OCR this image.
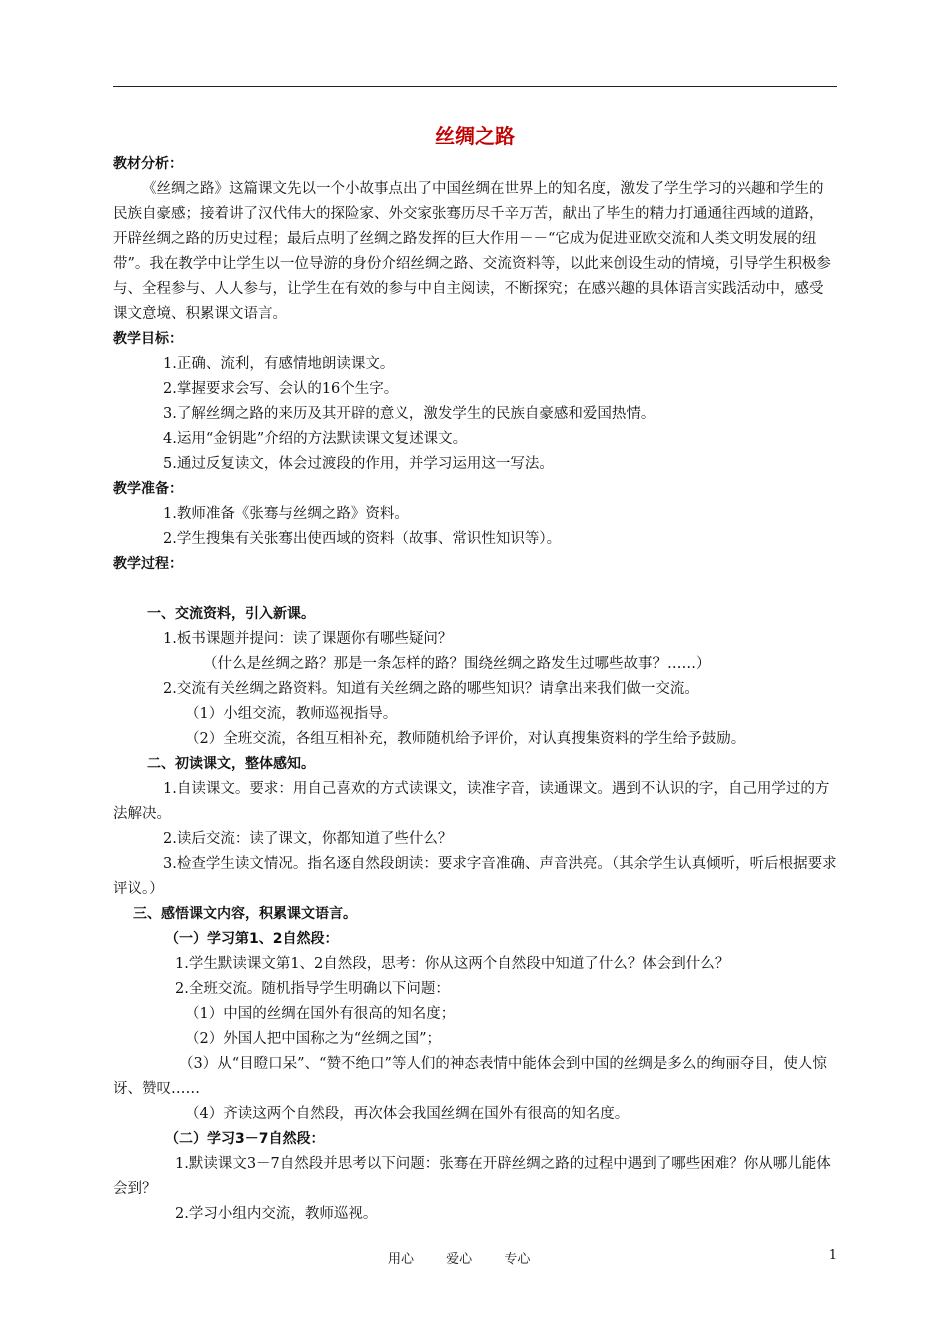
丝绸之路
教材分析：

《丝绸之路》这篇课文先以一个小故事点出了中国丝绸在世界上的知名度，激发了学生学习的兴趣和学生的民族自豪感；接着讲了汉代伟大的探险家、外交家张骞历尽千辛万苦，献出了毕生的精力打通通往西域的道路，开辟丝绸之路的历史过程；最后点明了丝绸之路发挥的巨大作用－－“它成为促进亚欧交流和人类文明发展的纽带”。我在教学中让学生以一位导游的身份介绍丝绸之路、交流资料等，以此来创设生动的情境，引导学生积极参与、全程参与、人人参与，让学生在有效的参与中自主阅读，不断探究；在感兴趣的具体语言实践活动中，感受课文意境、积累课文语言。

教学目标：

1.正确、流利，有感情地朗读课文。

2.掌握要求会写、会认的16个生字。

3.了解丝绸之路的来历及其开辟的意义，激发学生的民族自豪感和爱国热情。

4.运用“金钥匙”介绍的方法默读课文复述课文。

5.通过反复读文，体会过渡段的作用，并学习运用这一写法。

教学准备：

1.教师准备《张骞与丝绸之路》资料。

2.学生搜集有关张骞出使西域的资料（故事、常识性知识等）。

教学过程：
一、交流资料，引入新课。

1.板书课题并提问：读了课题你有哪些疑问？

（什么是丝绸之路？那是一条怎样的路？围绕丝绸之路发生过哪些故事？……）

2.交流有关丝绸之路资料。知道有关丝绸之路的哪些知识？请拿出来我们做一交流。

（1）小组交流，教师巡视指导。

（2）全班交流，各组互相补充，教师随机给予评价，对认真搜集资料的学生给予鼓励。

二、初读课文，整体感知。

1.自读课文。要求：用自己喜欢的方式读课文，读准字音，读通课文。遇到不认识的字，自己用学过的方法解决。

2.读后交流：读了课文，你都知道了些什么？

3.检查学生读文情况。指名逐自然段朗读：要求字音准确、声音洪亮。（其余学生认真倾听，听后根据要求评议。）

三、感悟课文内容，积累课文语言。
（一）学习第1、2自然段：

1.学生默读课文第1、2自然段，思考：你从这两个自然段中知道了什么？体会到什么？

2.全班交流。随机指导学生明确以下问题：

（1）中国的丝绸在国外有很高的知名度；

（2）外国人把中国称之为“丝绸之国”；

（3）从“目瞪口呆”、“赞不绝口”等人们的神态表情中能体会到中国的丝绸是多么的绚丽夺目，使人惊讶、赞叹……

（4）齐读这两个自然段，再次体会我国丝绸在国外有很高的知名度。

（二）学习3－7自然段：

1.默读课文3－7自然段并思考以下问题：张骞在开辟丝绸之路的过程中遇到了哪些困难？你从哪儿能体会到？

2.学习小组内交流，教师巡视。

用心 爱心 专心	1
